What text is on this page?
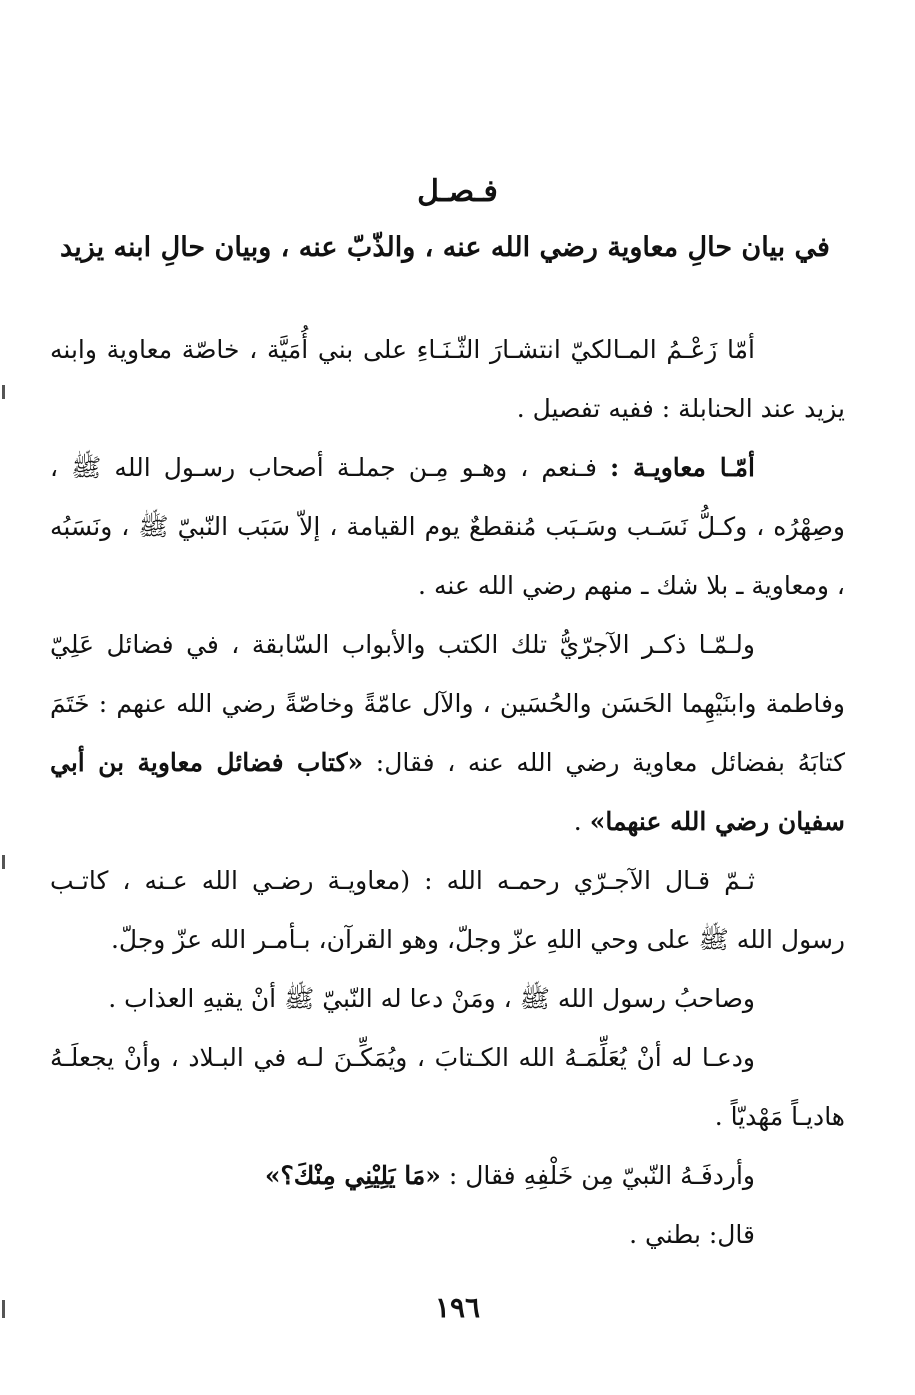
فـصـل
في بيان حالِ معاوية رضي الله عنه ، والذّبّ عنه ، وبيان حالِ ابنه يزيد

أمّا زَعْـمُ المـالكيّ انتشـارَ الثّـنَـاءِ على بني أُمَيَّة ، خاصّة معاوية وابنه يزيد عند الحنابلة : ففيه تفصيل .

أمّـا معاويـة : فـنعم ، وهـو مِـن جملـة أصحاب رسـول الله ﷺ ، وصِهْرُه ، وكـلُّ نَسَـب وسَـبَب مُنقطعٌ يوم القيامة ، إلاّ سَبَب النّبيّ ﷺ ، ونَسَبُه ، ومعاوية ـ بلا شك ـ منهم رضي الله عنه .

ولـمّـا ذكـر الآجرّيُّ تلك الكتب والأبواب السّابقة ، في فضائل عَلِيّ وفاطمة وابنَيْهِما الحَسَن والحُسَين ، والآل عامّةً وخاصّةً رضي الله عنهم : خَتَمَ كتابَهُ بفضائل معاوية رضي الله عنه ، فقال: «كتاب فضائل معاوية بن أبي سفيان رضي الله عنهما» .

ثـمّ قـال الآجـرّي رحمـه الله : (معاويـة رضـي الله عـنه ، كاتـب رسول الله ﷺ على وحي اللهِ عزّ وجلّ، وهو القرآن، بـأمـر الله عزّ وجلّ.

وصاحبُ رسول الله ﷺ ، ومَنْ دعا له النّبيّ ﷺ أنْ يقيهِ العذاب .

ودعـا له أنْ يُعَلِّمَـهُ الله الكـتابَ ، ويُمَكِّـنَ لـه في البـلاد ، وأنْ يجعلَـهُ هاديـاً مَهْديّاً .

وأردفَـهُ النّبيّ مِن خَلْفِهِ فقال : «مَا يَلِيْنِي مِنْكَ؟»

قال: بطني .

١٩٦
